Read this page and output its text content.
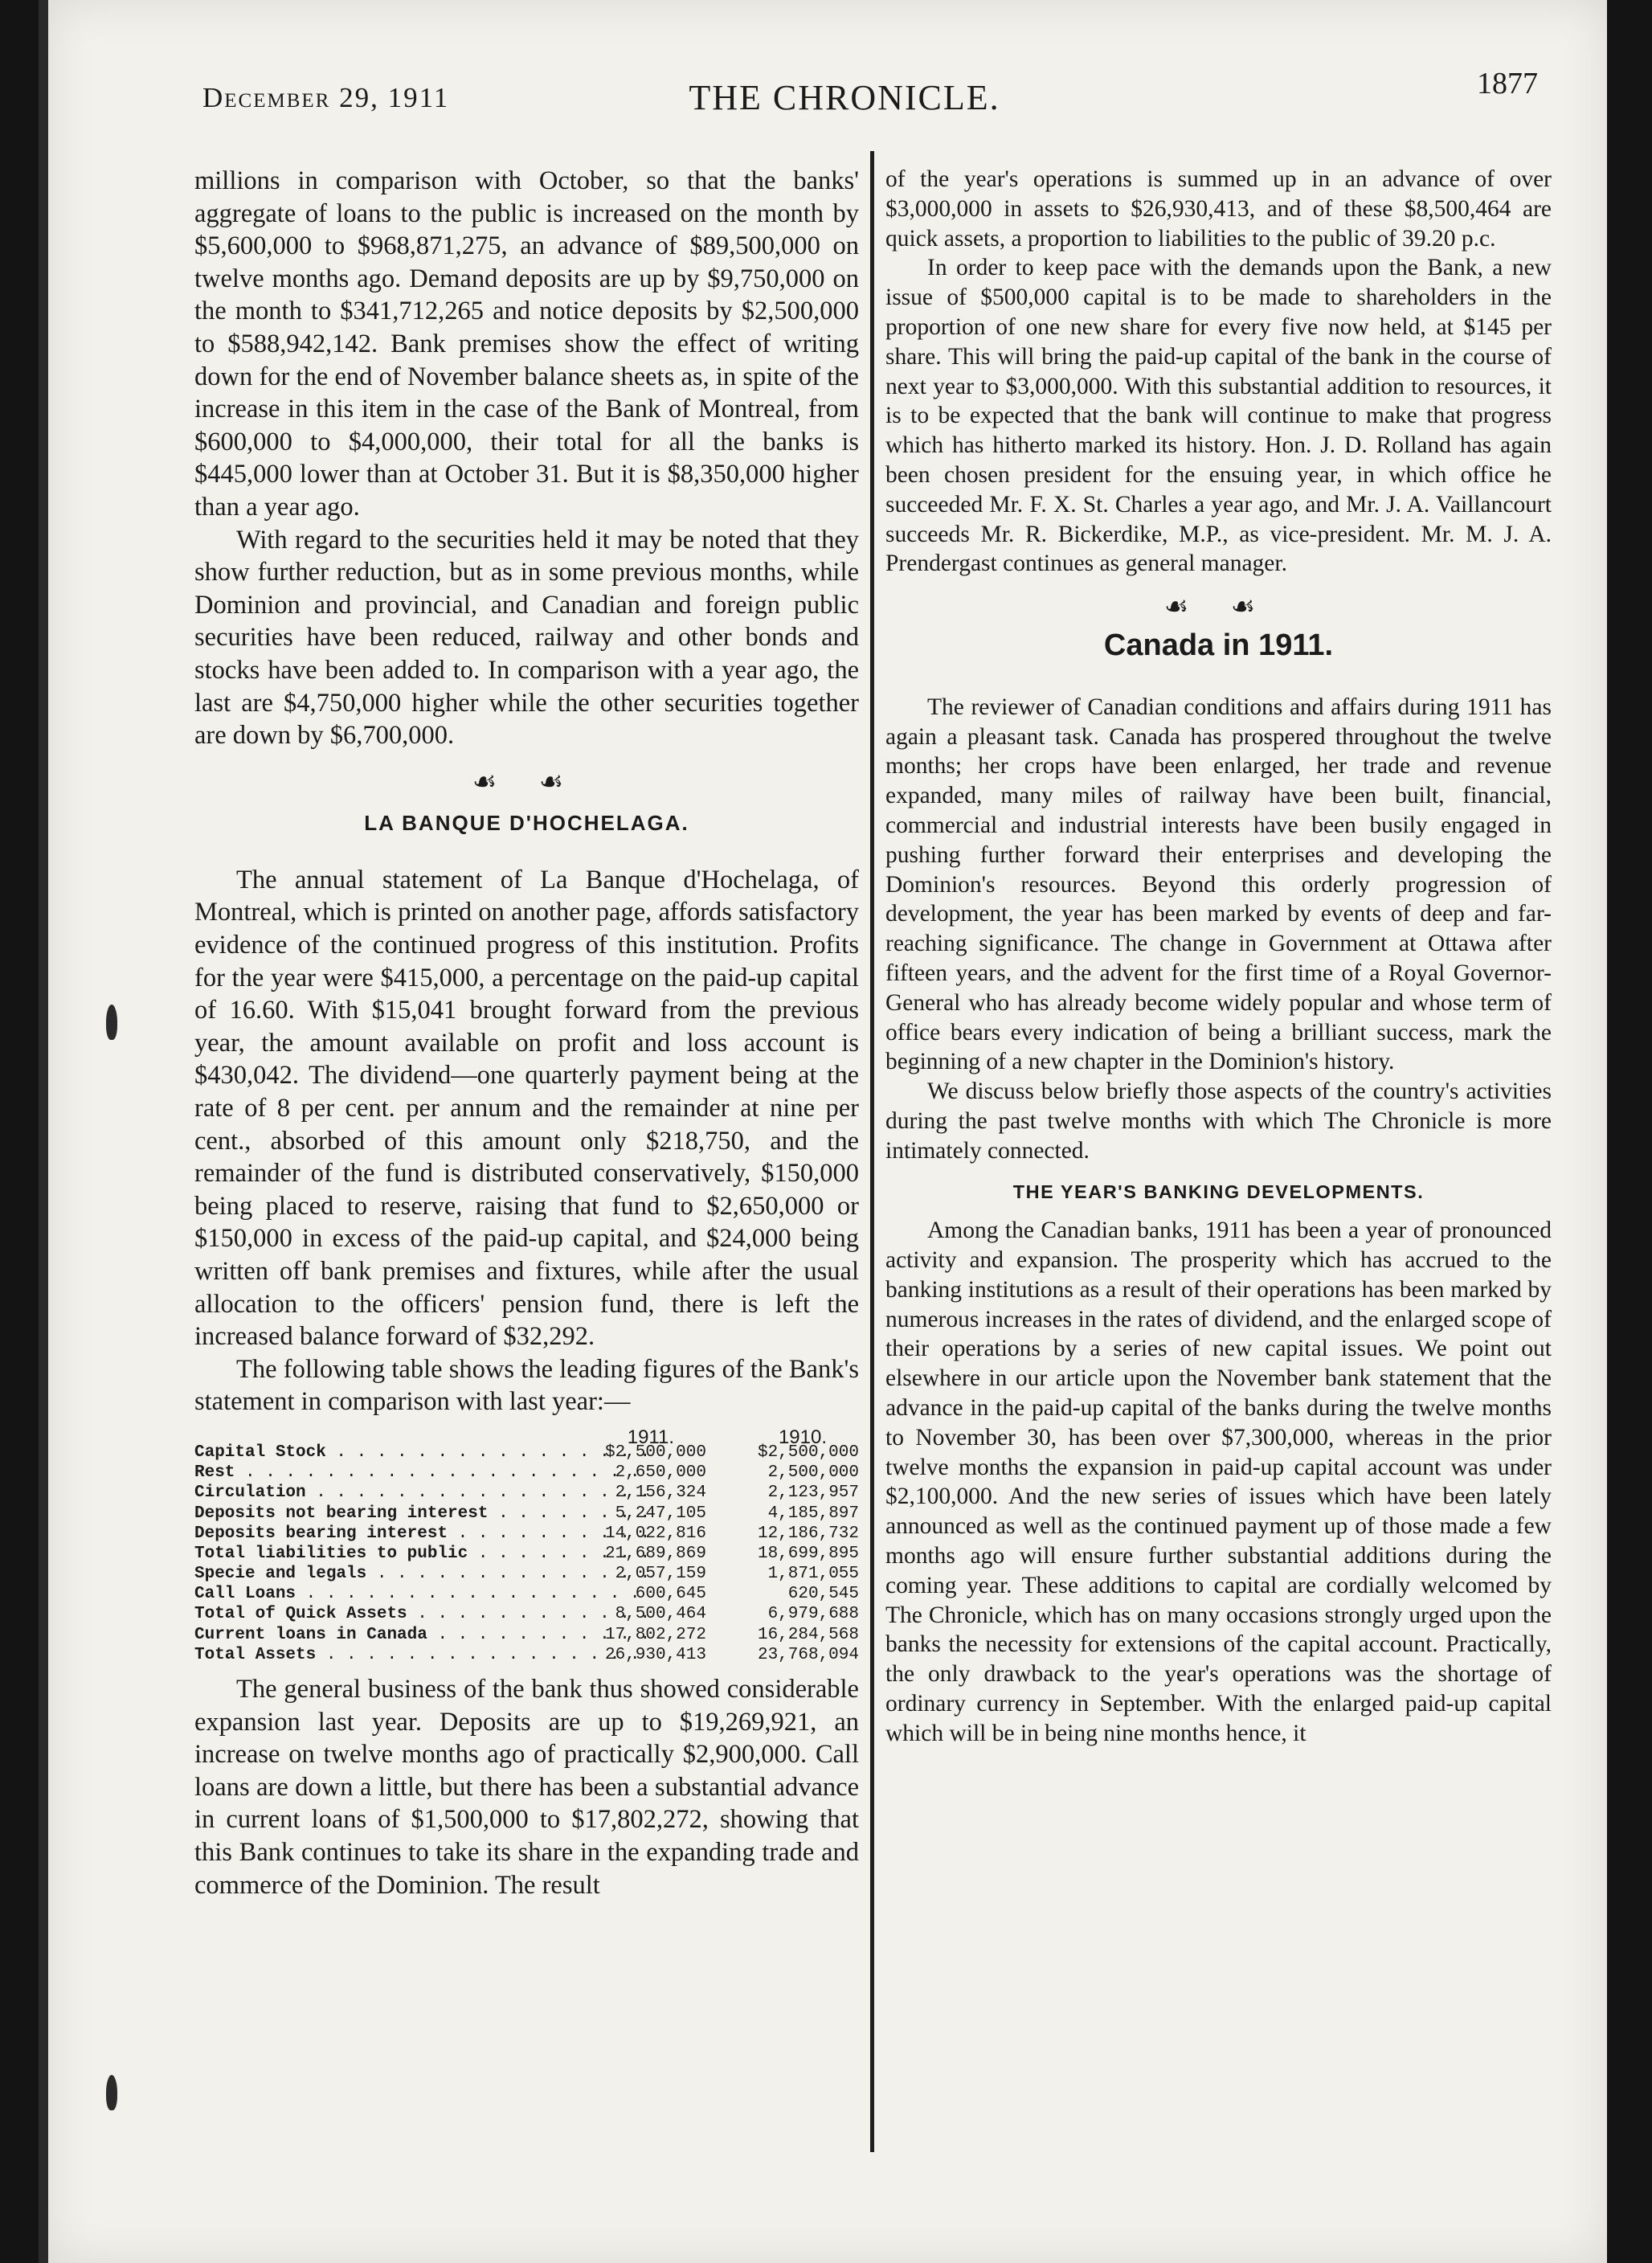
December 29, 1911	THE CHRONICLE.	1877

millions in comparison with October, so that the banks' aggregate of loans to the public is increased on the month by $5,600,000 to $968,871,275, an advance of $89,500,000 on twelve months ago. Demand deposits are up by $9,750,000 on the month to $341,712,265 and notice deposits by $2,500,000 to $588,942,142. Bank premises show the effect of writing down for the end of November balance sheets as, in spite of the increase in this item in the case of the Bank of Montreal, from $600,000 to $4,000,000, their total for all the banks is $445,000 lower than at October 31. But it is $8,350,000 higher than a year ago.

With regard to the securities held it may be noted that they show further reduction, but as in some previous months, while Dominion and provincial, and Canadian and foreign public securities have been reduced, railway and other bonds and stocks have been added to. In comparison with a year ago, the last are $4,750,000 higher while the other securities together are down by $6,700,000.

☙ ☙
LA BANQUE D'HOCHELAGA.

The annual statement of La Banque d'Hochelaga, of Montreal, which is printed on another page, affords satisfactory evidence of the continued progress of this institution. Profits for the year were $415,000, a percentage on the paid-up capital of 16.60. With $15,041 brought forward from the previous year, the amount available on profit and loss account is $430,042. The dividend—one quarterly payment being at the rate of 8 per cent. per annum and the remainder at nine per cent., absorbed of this amount only $218,750, and the remainder of the fund is distributed conservatively, $150,000 being placed to reserve, raising that fund to $2,650,000 or $150,000 in excess of the paid-up capital, and $24,000 being written off bank premises and fixtures, while after the usual allocation to the officers' pension fund, there is left the increased balance forward of $32,292.

The following table shows the leading figures of the Bank's statement in comparison with last year:—

1911.	1910.
Capital Stock . . .	$2,500,000	$2,500,000
Rest . . .	2,650,000	2,500,000
Circulation . . .	2,156,324	2,123,957
Deposits not bearing interest . . .	5,247,105	4,185,897
Deposits bearing interest . . .	14,022,816	12,186,732
Total liabilities to public . . .	21,689,869	18,699,895
Specie and legals . . .	2,057,159	1,871,055
Call Loans . . .	600,645	620,545
Total of Quick Assets . . .	8,500,464	6,979,688
Current loans in Canada . . .	17,802,272	16,284,568
Total Assets . . .	26,930,413	23,768,094

The general business of the bank thus showed considerable expansion last year. Deposits are up to $19,269,921, an increase on twelve months ago of practically $2,900,000. Call loans are down a little, but there has been a substantial advance in current loans of $1,500,000 to $17,802,272, showing that this Bank continues to take its share in the expanding trade and commerce of the Dominion. The result

of the year's operations is summed up in an advance of over $3,000,000 in assets to $26,930,413, and of these $8,500,464 are quick assets, a proportion to liabilities to the public of 39.20 p.c.

In order to keep pace with the demands upon the Bank, a new issue of $500,000 capital is to be made to shareholders in the proportion of one new share for every five now held, at $145 per share. This will bring the paid-up capital of the bank in the course of next year to $3,000,000. With this substantial addition to resources, it is to be expected that the bank will continue to make that progress which has hitherto marked its history. Hon. J. D. Rolland has again been chosen president for the ensuing year, in which office he succeeded Mr. F. X. St. Charles a year ago, and Mr. J. A. Vaillancourt succeeds Mr. R. Bickerdike, M.P., as vice-president. Mr. M. J. A. Prendergast continues as general manager.

☙ ☙
Canada in 1911.

The reviewer of Canadian conditions and affairs during 1911 has again a pleasant task. Canada has prospered throughout the twelve months; her crops have been enlarged, her trade and revenue expanded, many miles of railway have been built, financial, commercial and industrial interests have been busily engaged in pushing further forward their enterprises and developing the Dominion's resources. Beyond this orderly progression of development, the year has been marked by events of deep and far-reaching significance. The change in Government at Ottawa after fifteen years, and the advent for the first time of a Royal Governor-General who has already become widely popular and whose term of office bears every indication of being a brilliant success, mark the beginning of a new chapter in the Dominion's history.

We discuss below briefly those aspects of the country's activities during the past twelve months with which The Chronicle is more intimately connected.

THE YEAR'S BANKING DEVELOPMENTS.

Among the Canadian banks, 1911 has been a year of pronounced activity and expansion. The prosperity which has accrued to the banking institutions as a result of their operations has been marked by numerous increases in the rates of dividend, and the enlarged scope of their operations by a series of new capital issues. We point out elsewhere in our article upon the November bank statement that the advance in the paid-up capital of the banks during the twelve months to November 30, has been over $7,300,000, whereas in the prior twelve months the expansion in paid-up capital account was under $2,100,000. And the new series of issues which have been lately announced as well as the continued payment up of those made a few months ago will ensure further substantial additions during the coming year. These additions to capital are cordially welcomed by The Chronicle, which has on many occasions strongly urged upon the banks the necessity for extensions of the capital account. Practically, the only drawback to the year's operations was the shortage of ordinary currency in September. With the enlarged paid-up capital which will be in being nine months hence, it
